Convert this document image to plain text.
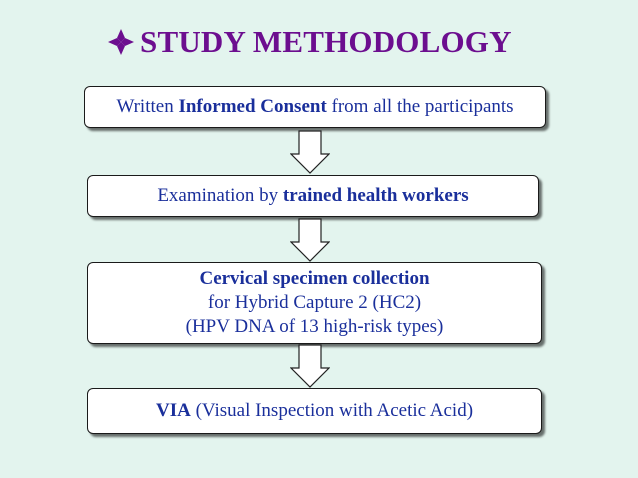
STUDY METHODOLOGY
Written Informed Consent from all the participants
Examination by trained health workers
Cervical specimen collection
for Hybrid Capture 2 (HC2)
(HPV DNA of 13 high-risk types)
VIA (Visual Inspection with Acetic Acid)
